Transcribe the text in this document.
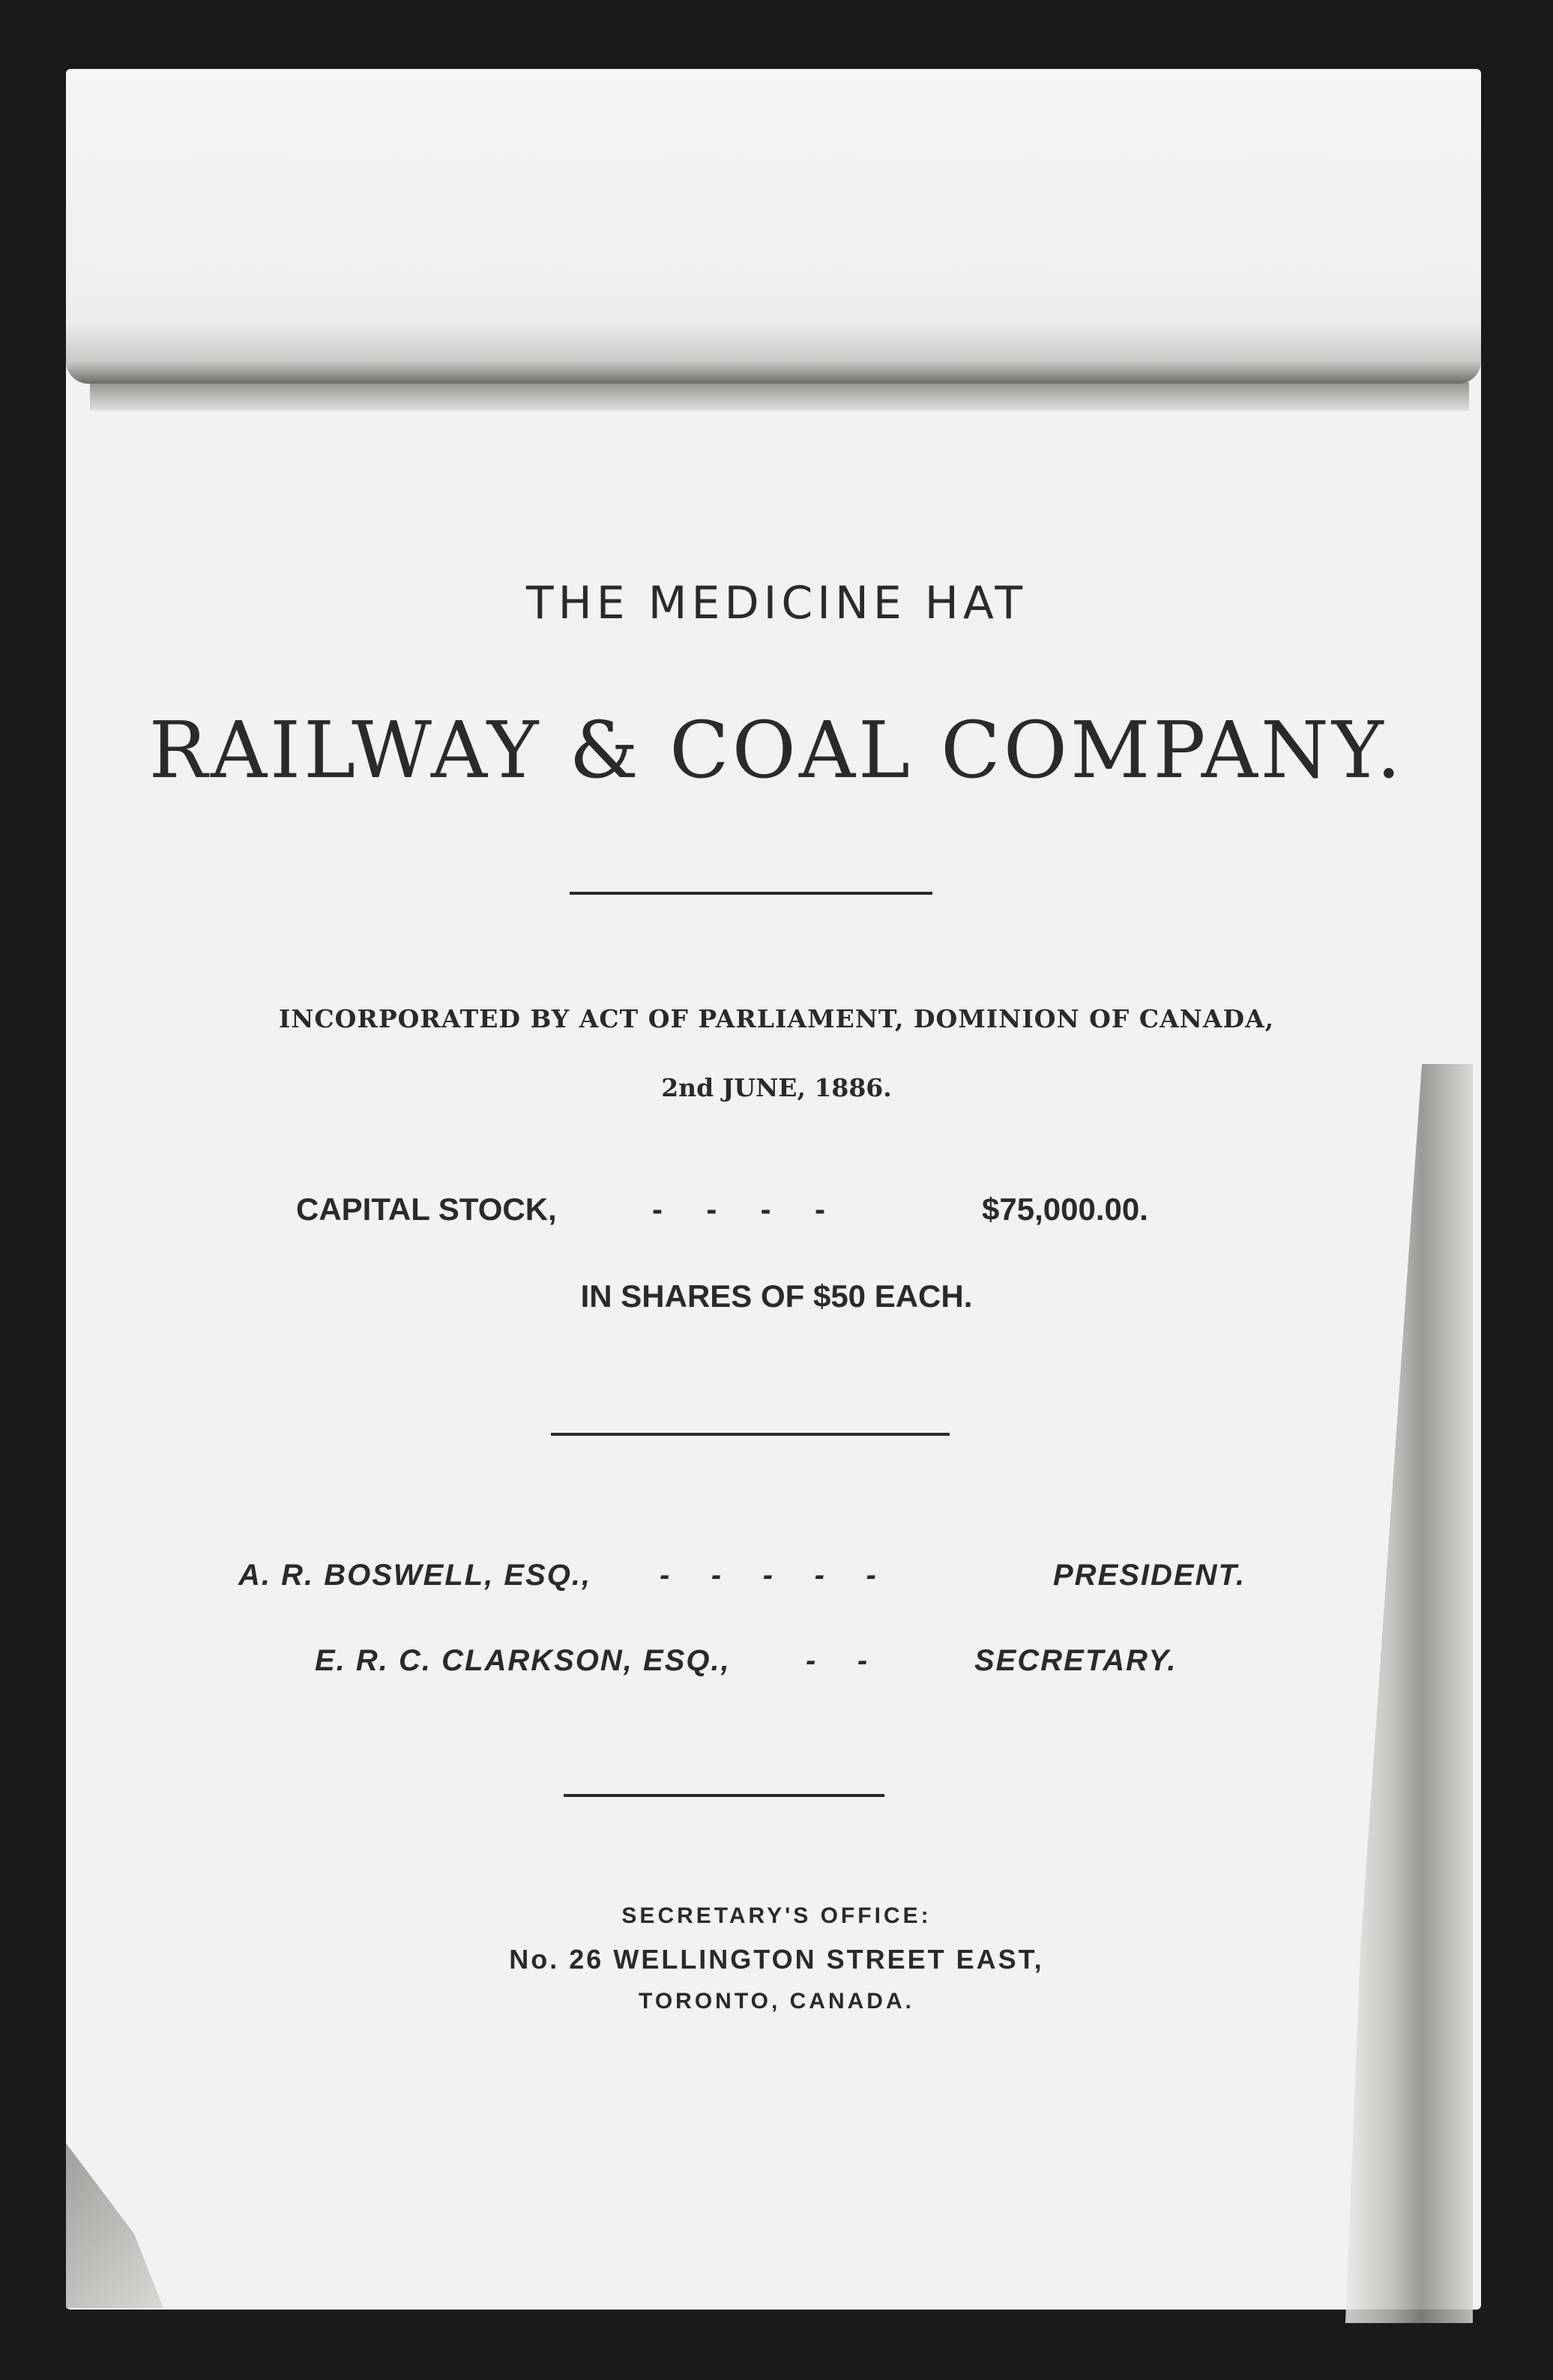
THE MEDICINE HAT
RAILWAY & COAL COMPANY.
INCORPORATED BY ACT OF PARLIAMENT, DOMINION OF CANADA,
2nd JUNE, 1886.
CAPITAL STOCK,	-     -     -     -	$75,000.00.
IN SHARES OF $50 EACH.
A. R. BOSWELL, ESQ., -     -     -     -     -	PRESIDENT.
E. R. C. CLARKSON, ESQ.,	-     -	SECRETARY.
SECRETARY'S OFFICE:
No. 26 WELLINGTON STREET EAST,
TORONTO, CANADA.
